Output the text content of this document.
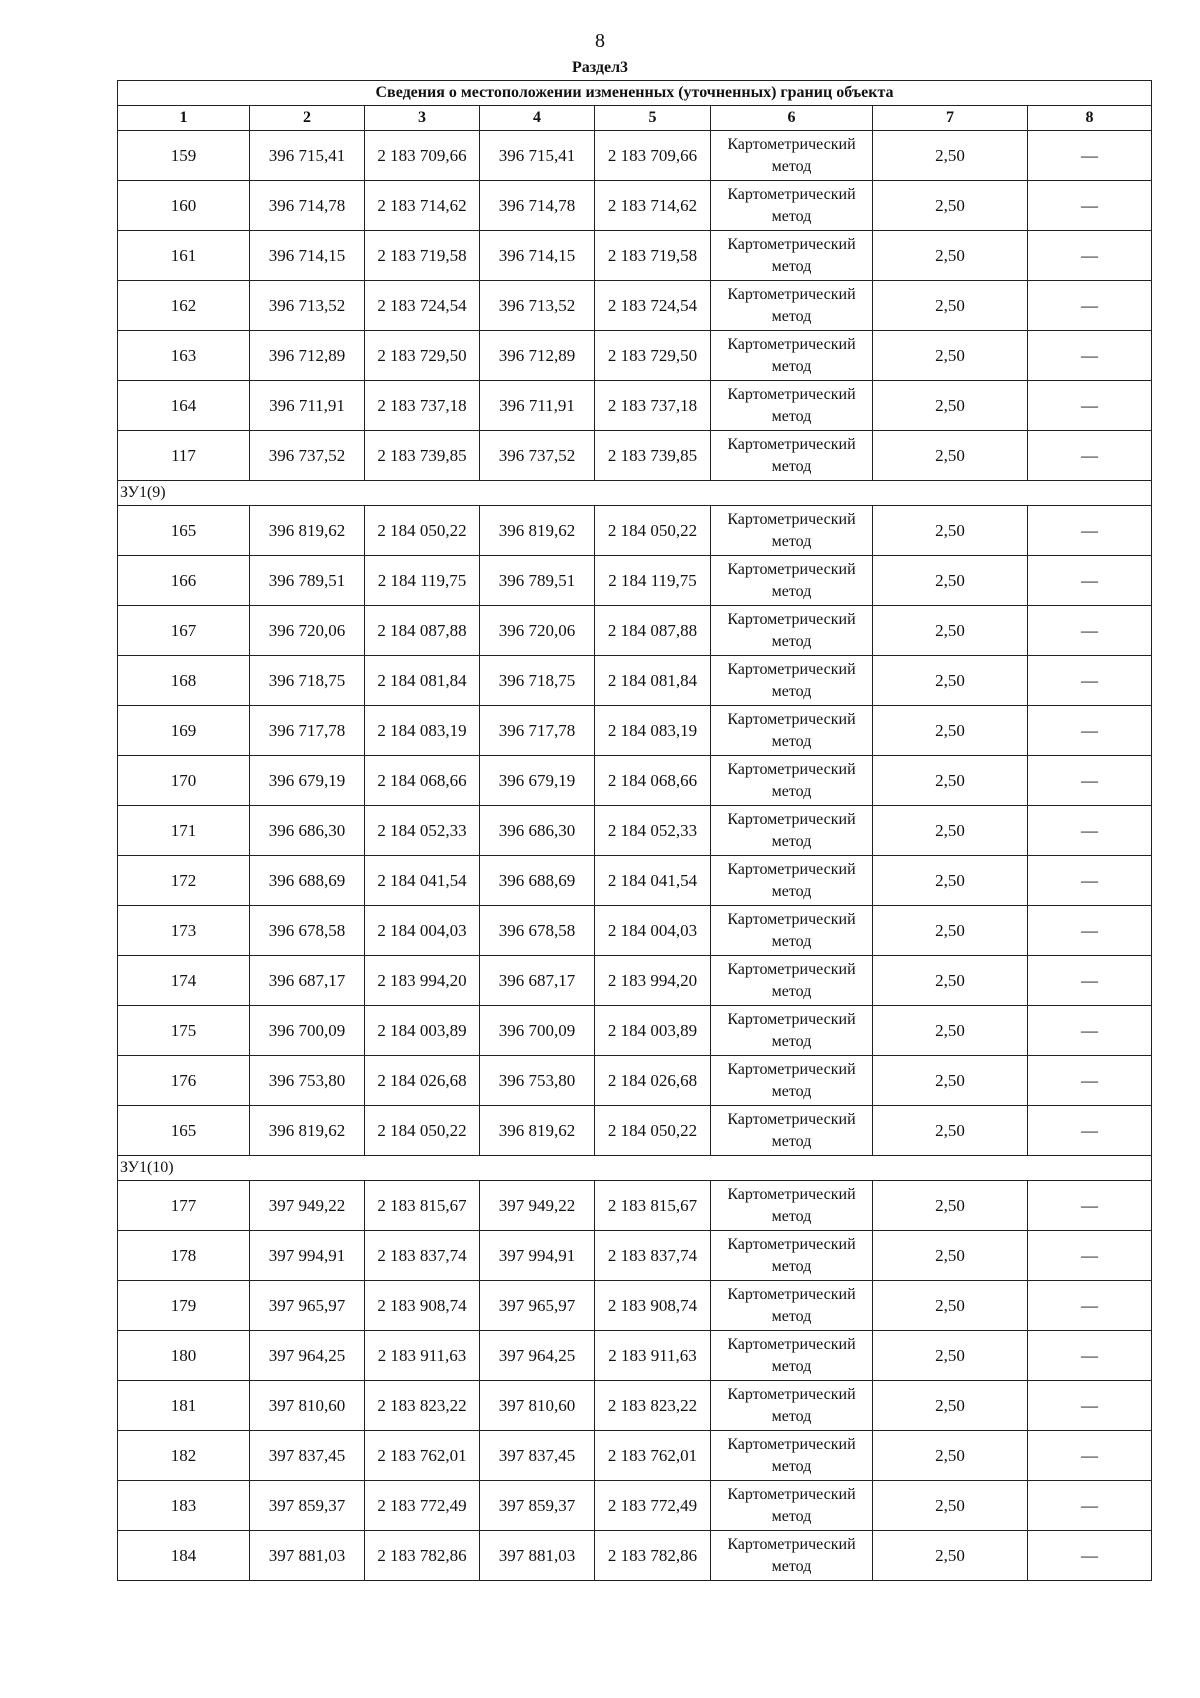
8
Раздел3
Сведения о местоположении измененных (уточненных) границ объекта							
1	2	3	4	5	6	7	8
159	396 715,41	2 183 709,66	396 715,41	2 183 709,66	Картометрический метод	2,50	—
160	396 714,78	2 183 714,62	396 714,78	2 183 714,62	Картометрический метод	2,50	—
161	396 714,15	2 183 719,58	396 714,15	2 183 719,58	Картометрический метод	2,50	—
162	396 713,52	2 183 724,54	396 713,52	2 183 724,54	Картометрический метод	2,50	—
163	396 712,89	2 183 729,50	396 712,89	2 183 729,50	Картометрический метод	2,50	—
164	396 711,91	2 183 737,18	396 711,91	2 183 737,18	Картометрический метод	2,50	—
117	396 737,52	2 183 739,85	396 737,52	2 183 739,85	Картометрический метод	2,50	—
ЗУ1(9)							
165	396 819,62	2 184 050,22	396 819,62	2 184 050,22	Картометрический метод	2,50	—
166	396 789,51	2 184 119,75	396 789,51	2 184 119,75	Картометрический метод	2,50	—
167	396 720,06	2 184 087,88	396 720,06	2 184 087,88	Картометрический метод	2,50	—
168	396 718,75	2 184 081,84	396 718,75	2 184 081,84	Картометрический метод	2,50	—
169	396 717,78	2 184 083,19	396 717,78	2 184 083,19	Картометрический метод	2,50	—
170	396 679,19	2 184 068,66	396 679,19	2 184 068,66	Картометрический метод	2,50	—
171	396 686,30	2 184 052,33	396 686,30	2 184 052,33	Картометрический метод	2,50	—
172	396 688,69	2 184 041,54	396 688,69	2 184 041,54	Картометрический метод	2,50	—
173	396 678,58	2 184 004,03	396 678,58	2 184 004,03	Картометрический метод	2,50	—
174	396 687,17	2 183 994,20	396 687,17	2 183 994,20	Картометрический метод	2,50	—
175	396 700,09	2 184 003,89	396 700,09	2 184 003,89	Картометрический метод	2,50	—
176	396 753,80	2 184 026,68	396 753,80	2 184 026,68	Картометрический метод	2,50	—
165	396 819,62	2 184 050,22	396 819,62	2 184 050,22	Картометрический метод	2,50	—
ЗУ1(10)							
177	397 949,22	2 183 815,67	397 949,22	2 183 815,67	Картометрический метод	2,50	—
178	397 994,91	2 183 837,74	397 994,91	2 183 837,74	Картометрический метод	2,50	—
179	397 965,97	2 183 908,74	397 965,97	2 183 908,74	Картометрический метод	2,50	—
180	397 964,25	2 183 911,63	397 964,25	2 183 911,63	Картометрический метод	2,50	—
181	397 810,60	2 183 823,22	397 810,60	2 183 823,22	Картометрический метод	2,50	—
182	397 837,45	2 183 762,01	397 837,45	2 183 762,01	Картометрический метод	2,50	—
183	397 859,37	2 183 772,49	397 859,37	2 183 772,49	Картометрический метод	2,50	—
184	397 881,03	2 183 782,86	397 881,03	2 183 782,86	Картометрический метод	2,50	—
